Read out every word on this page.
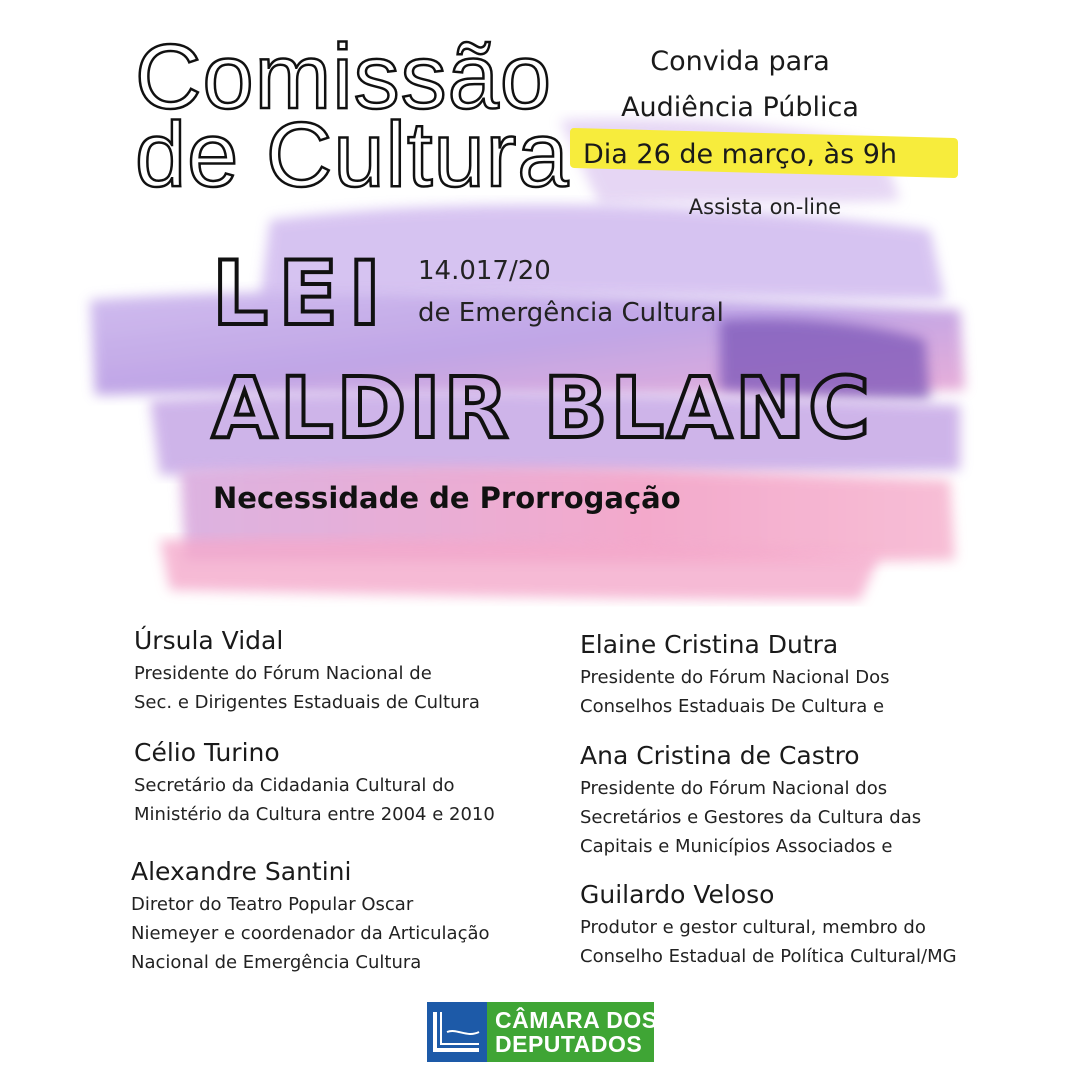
Comissão
de Cultura
Convida para
Audiência Pública
Dia 26 de março, às 9h
Assista on-line
LEI 14.017/20
de Emergência Cultural
ALDIR BLANC
Necessidade de Prorrogação
Úrsula Vidal
Presidente do Fórum Nacional de
Sec. e Dirigentes Estaduais de Cultura
Célio Turino
Secretário da Cidadania Cultural do
Ministério da Cultura entre 2004 e 2010
Alexandre Santini
Diretor do Teatro Popular Oscar
Niemeyer e coordenador da Articulação
Nacional de Emergência Cultura
Elaine Cristina Dutra
Presidente do Fórum Nacional Dos
Conselhos Estaduais De Cultura e
Ana Cristina de Castro
Presidente do Fórum Nacional dos
Secretários e Gestores da Cultura das
Capitais e Municípios Associados e
Guilardo Veloso
Produtor e gestor cultural, membro do
Conselho Estadual de Política Cultural/MG
CÂMARA DOS
DEPUTADOS
